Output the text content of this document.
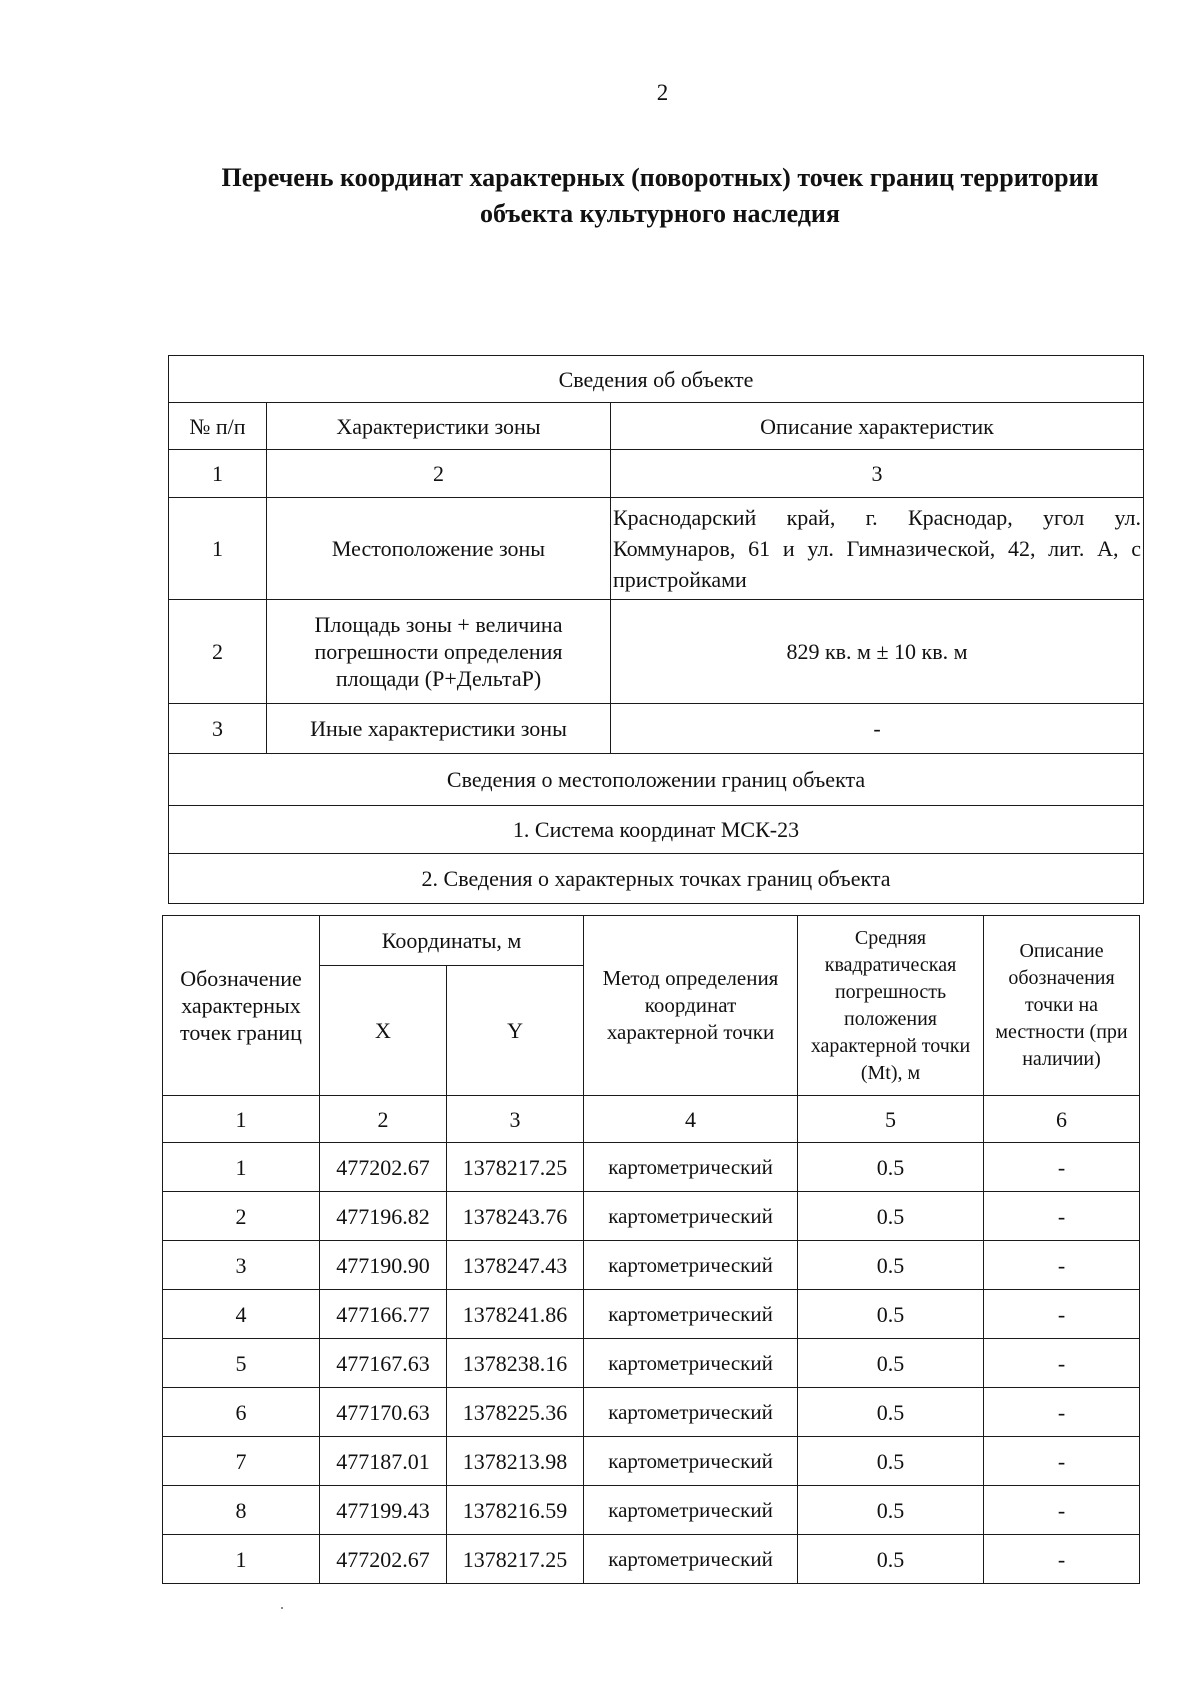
2
Перечень координат характерных (поворотных) точек границ территории
объекта культурного наследия
Сведения об объекте		
№ п/п	Характеристики зоны	Описание характеристик
1	2	3
1	Местоположение зоны	Краснодарский край, г. Краснодар, угол ул. Коммунаров, 61 и ул. Гимназической, 42, лит. А, с пристройками
2	Площадь зоны + величина погрешности определения площади (Р+ДельтаР)	829 кв. м ± 10 кв. м
3	Иные характеристики зоны	-
Сведения о местоположении границ объекта		
1. Система координат МСК-23		
2. Сведения о характерных точках границ объекта		
Обозначение характерных точек границ	Координаты, м		Метод определения координат характерной точки	Средняя квадратическая погрешность положения характерной точки (Mt), м	Описание обозначения точки на местности (при наличии)
	X	Y			
1	2	3	4	5	6
1	477202.67	1378217.25	картометрический	0.5	-
2	477196.82	1378243.76	картометрический	0.5	-
3	477190.90	1378247.43	картометрический	0.5	-
4	477166.77	1378241.86	картометрический	0.5	-
5	477167.63	1378238.16	картометрический	0.5	-
6	477170.63	1378225.36	картометрический	0.5	-
7	477187.01	1378213.98	картометрический	0.5	-
8	477199.43	1378216.59	картометрический	0.5	-
1	477202.67	1378217.25	картометрический	0.5	-
